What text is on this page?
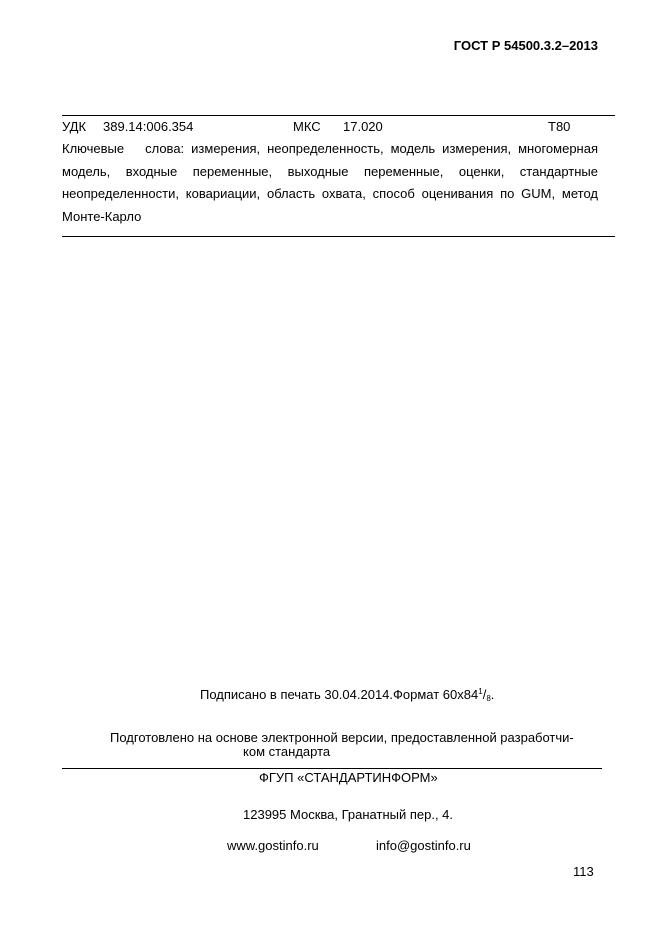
ГОСТ Р 54500.3.2–2013
УДК 389.14:006.354	МКС 17.020	Т80

Ключевые слова: измерения, неопределенность, модель измерения, многомерная модель, входные переменные, выходные переменные, оценки, стандартные неопределенности, ковариации, область охвата, способ оценивания по GUM, метод Монте-Карло

Подписано в печать 30.04.2014.Формат $60х84^1/_8$.

Подготовлено на основе электронной версии, предоставленной разработчи-
ком стандарта

ФГУП «СТАНДАРТИНФОРМ»
123995 Москва, Гранатный пер., 4.
www.gostinfo.ru	info@gostinfo.ru
113
